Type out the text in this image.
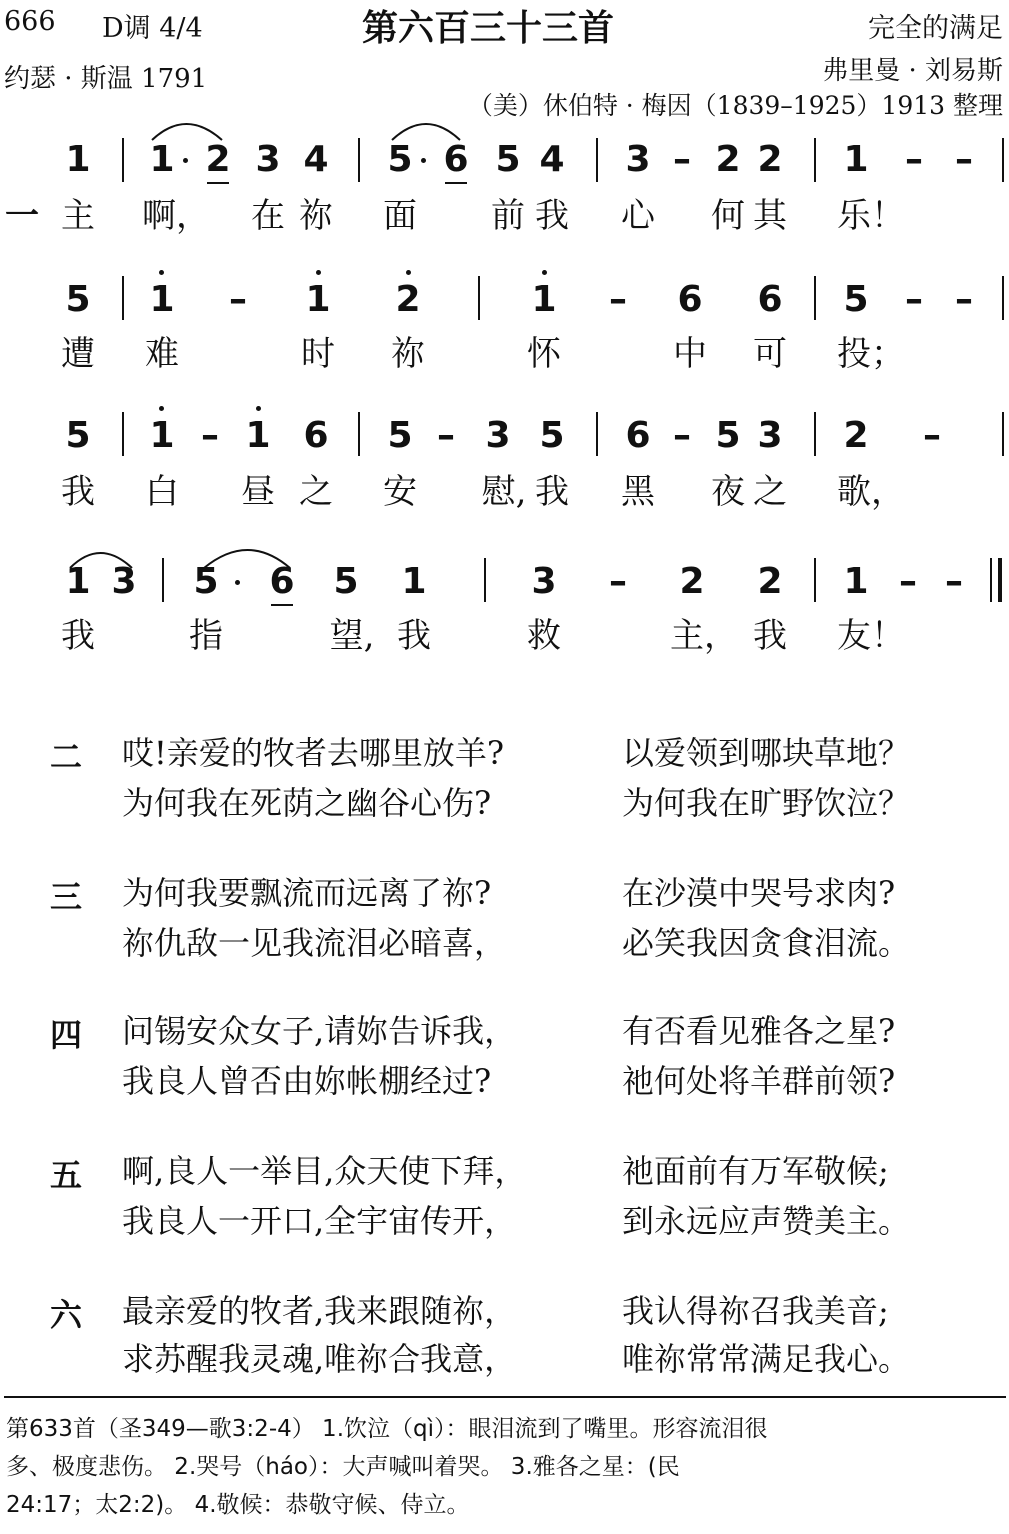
666 D调 4/4	第六百三十三首	完全的满足
约瑟 · 斯温 1791	弗里曼 · 刘易斯
（美）休伯特 · 梅因（1839–1925）1913 整理
1 1 2 3 4 5 6 5 4 3 – 2 2 1	– –
一 主 啊， 在 祢 面 前 我 心 何 其 乐！
5 1	–	1 2	1	–	6 6 5	– –
遭 难	时 祢	怀	中 可 投；
5 1 – 1 6 5 – 3 5 6 – 5 3 2	–
我 白 昼 之 安 慰, 我 黑 夜 之 歌，
1 3 5 6 5 1	3	–	2 2 1 – –
我	指	望, 我	救	主， 我 友！
二 哎!亲爱的牧者去哪里放羊?	以爱领到哪块草地？
为何我在死荫之幽谷心伤?	为何我在旷野饮泣？
三 为何我要飘流而远离了祢?	在沙漠中哭号求肉?
祢仇敌一见我流泪必暗喜，	必笑我因贪食泪流。
四 问锡安众女子,请妳告诉我，	有否看见雅各之星?
我良人曾否由妳帐棚经过?	祂何处将羊群前领?
五 啊,良人一举目,众天使下拜，	祂面前有万军敬候;
我良人一开口,全宇宙传开，	到永远应声赞美主。
六 最亲爱的牧者,我来跟随祢，	我认得祢召我美音;
求苏醒我灵魂,唯祢合我意，	唯祢常常满足我心。
第633首（圣349—歌3:2-4） 1.饮泣（qì）：眼泪流到了嘴里。形容流泪很
多、极度悲伤。 2.哭号（háo）：大声喊叫着哭。 3.雅各之星：(民
24:17；太2:2)。 4.敬候：恭敬守候、侍立。
